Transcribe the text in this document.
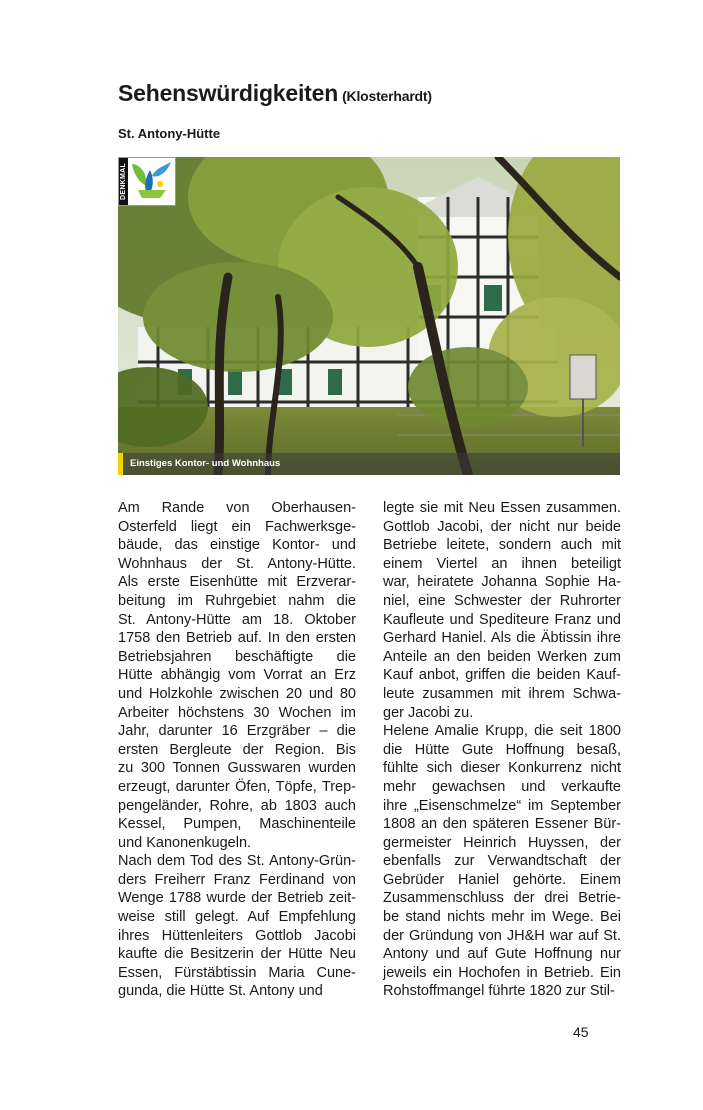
Sehenswürdigkeiten (Klosterhardt)
St. Antony-Hütte
DENKMAL
Einstiges Kontor- und Wohnhaus
Am Rande von Oberhausen-
Osterfeld liegt ein Fachwerksge-
bäude, das einstige Kontor- und
Wohnhaus der St. Antony-Hütte.
Als erste Eisenhütte mit Erzverar-
beitung im Ruhrgebiet nahm die
St. Antony-Hütte am 18. Oktober
1758 den Betrieb auf. In den ersten
Betriebsjahren beschäftigte die
Hütte abhängig vom Vorrat an Erz
und Holzkohle zwischen 20 und 80
Arbeiter höchstens 30 Wochen im
Jahr, darunter 16 Erzgräber – die
ersten Bergleute der Region. Bis
zu 300 Tonnen Gusswaren wurden
erzeugt, darunter Öfen, Töpfe, Trep-
pengeländer, Rohre, ab 1803 auch
Kessel, Pumpen, Maschinenteile
und Kanonenkugeln.
Nach dem Tod des St. Antony-Grün-
ders Freiherr Franz Ferdinand von
Wenge 1788 wurde der Betrieb zeit-
weise still gelegt. Auf Empfehlung
ihres Hüttenleiters Gottlob Jacobi
kaufte die Besitzerin der Hütte Neu
Essen, Fürstäbtissin Maria Cune-
gunda, die Hütte St. Antony und
legte sie mit Neu Essen zusammen.
Gottlob Jacobi, der nicht nur beide
Betriebe leitete, sondern auch mit
einem Viertel an ihnen beteiligt
war, heiratete Johanna Sophie Ha-
niel, eine Schwester der Ruhrorter
Kaufleute und Spediteure Franz und
Gerhard Haniel. Als die Äbtissin ihre
Anteile an den beiden Werken zum
Kauf anbot, griffen die beiden Kauf-
leute zusammen mit ihrem Schwa-
ger Jacobi zu.
Helene Amalie Krupp, die seit 1800
die Hütte Gute Hoffnung besaß,
fühlte sich dieser Konkurrenz nicht
mehr gewachsen und verkaufte
ihre „Eisenschmelze“ im September
1808 an den späteren Essener Bür-
germeister Heinrich Huyssen, der
ebenfalls zur Verwandtschaft der
Gebrüder Haniel gehörte. Einem
Zusammenschluss der drei Betrie-
be stand nichts mehr im Wege. Bei
der Gründung von JH&H war auf St.
Antony und auf Gute Hoffnung nur
jeweils ein Hochofen in Betrieb. Ein
Rohstoffmangel führte 1820 zur Stil-
45
